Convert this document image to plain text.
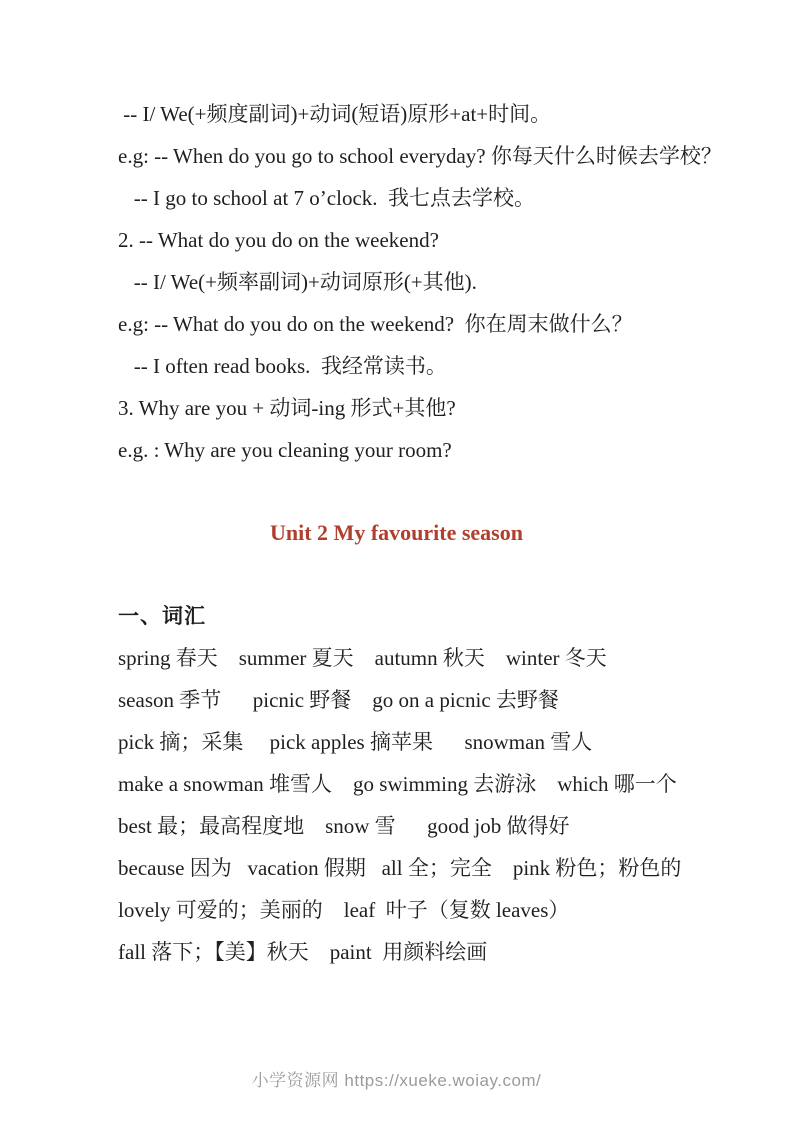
-- I/ We(+频度副词)+动词(短语)原形+at+时间。

e.g: -- When do you go to school everyday? 你每天什么时候去学校？

-- I go to school at 7 o’clock.  我七点去学校。

2. -- What do you do on the weekend?

-- I/ We(+频率副词)+动词原形(+其他).

e.g: -- What do you do on the weekend?  你在周末做什么？

-- I often read books.  我经常读书。

3. Why are you + 动词-ing 形式+其他?

e.g. : Why are you cleaning your room?

Unit 2 My favourite season

一、词汇

spring 春天    summer 夏天    autumn 秋天    winter 冬天

season 季节      picnic 野餐    go on a picnic 去野餐

pick 摘；采集     pick apples 摘苹果      snowman 雪人

make a snowman 堆雪人    go swimming 去游泳    which 哪一个

best 最；最高程度地    snow 雪      good job 做得好

because 因为   vacation 假期   all 全；完全    pink 粉色；粉色的

lovely 可爱的；美丽的    leaf  叶子（复数 leaves）

fall 落下；【美】秋天    paint  用颜料绘画

小学资源网 https://xueke.woiay.com/
